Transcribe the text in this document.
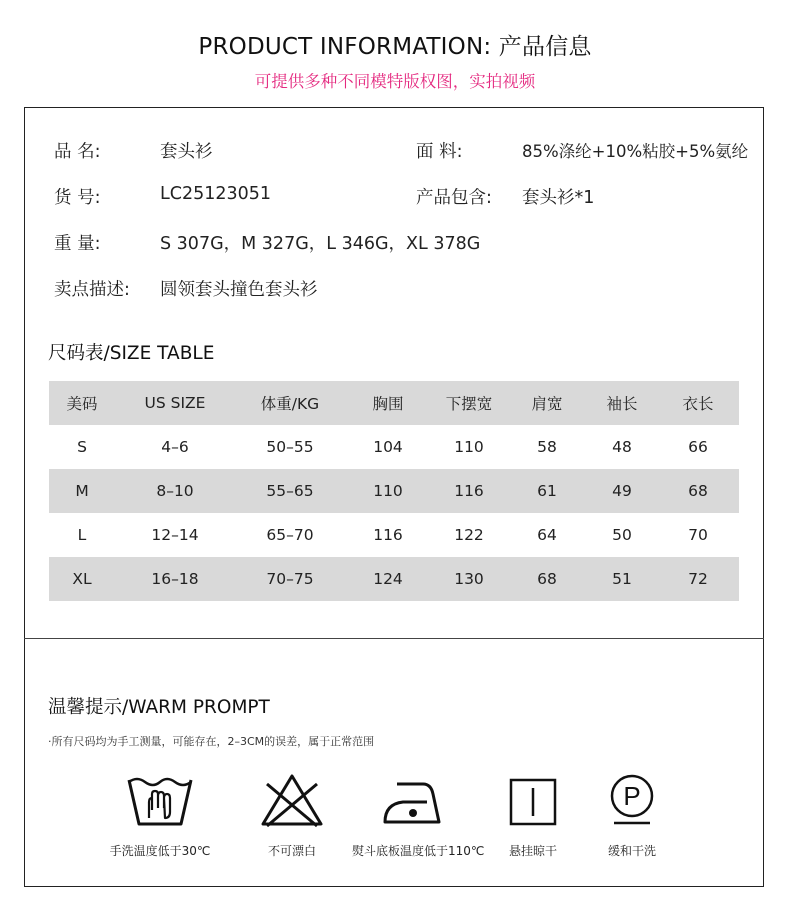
PRODUCT INFORMATION: 产品信息
可提供多种不同模特版权图，实拍视频
品 名:	套头衫	面 料:	85%涤纶+10%粘胶+5%氨纶
货 号:	LC25123051	产品包含: 套头衫*1
重 量:	S 307G，M 327G，L 346G，XL 378G
卖点描述: 圆领套头撞色套头衫
尺码表/SIZE TABLE
美码	US SIZE	体重/KG	胸围	下摆宽	肩宽	袖长	衣长
S	4–6	50–55	104	110	58	48	66
M	8–10	55–65	110	116	61	49	68
L	12–14	65–70	116	122	64	50	70
XL	16–18	70–75	124	130	68	51	72
温馨提示/WARM PROMPT
·所有尺码均为手工测量，可能存在，2–3CM的误差，属于正常范围
手洗温度低于30℃	不可漂白	熨斗底板温度低于110℃	悬挂晾干
P
缓和干洗
